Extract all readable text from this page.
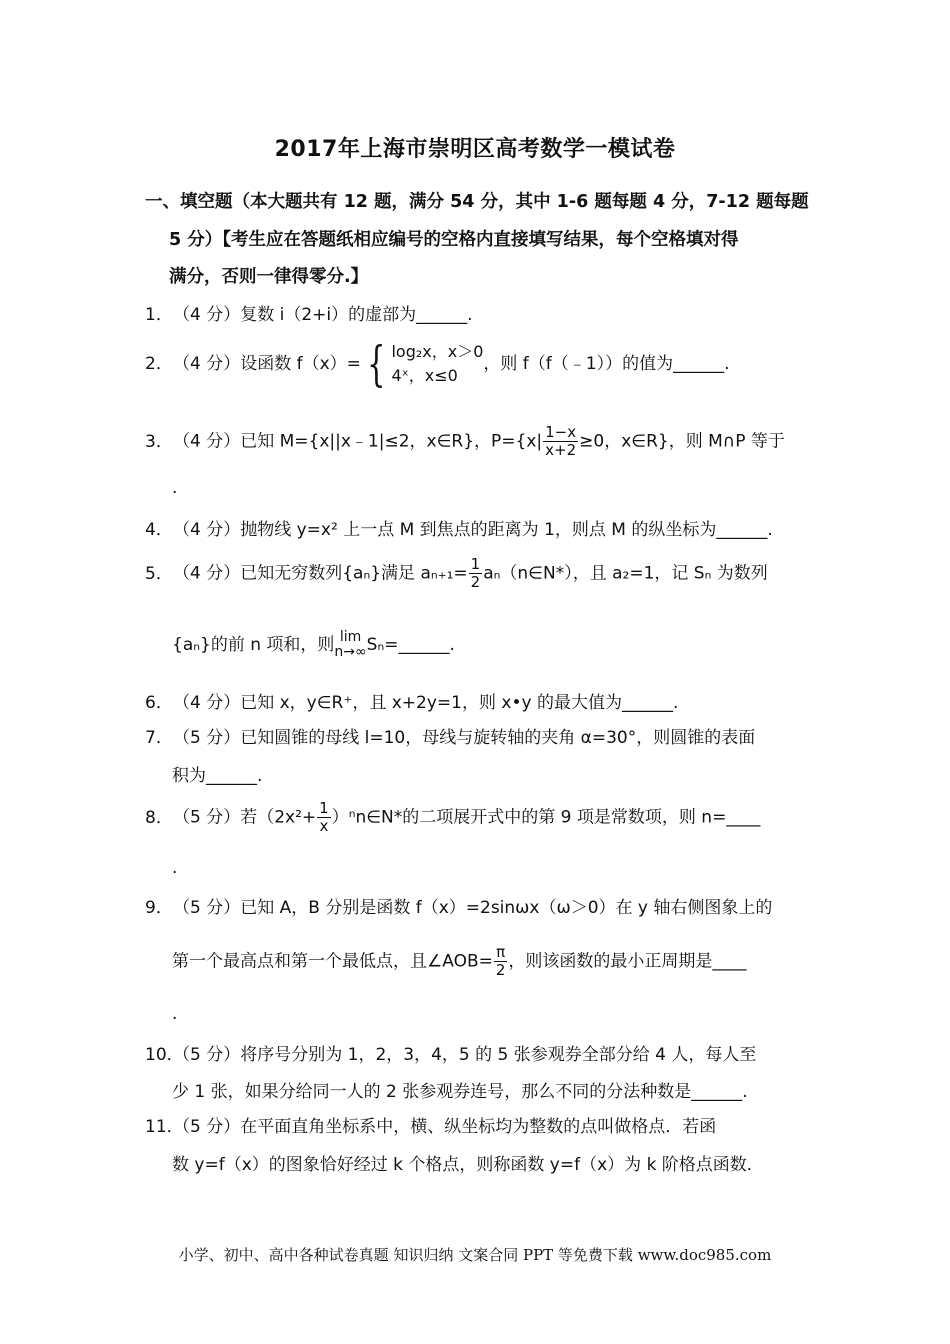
2017年上海市崇明区高考数学一模试卷
一、填空题（本大题共有 12 题，满分 54 分，其中 1-6 题每题 4 分，7-12 题每题
5 分）【考生应在答题纸相应编号的空格内直接填写结果，每个空格填对得
满分，否则一律得零分.】
1．（4 分）复数 i（2+i）的虚部为______.
2．（4 分）设函数 f（x）= { log₂x，x＞0
4ˣ，x≤0
，则 f（f（﹣1））的值为______.
3．（4 分）已知 M={x||x﹣1|≤2，x∈R}，$P=\{x| \frac{1-x}{x+2} \ge 0$，x∈R}，则 M∩P 等于
.
4．（4 分）抛物线 y=x² 上一点 M 到焦点的距离为 1，则点 M 的纵坐标为______.
5．（4 分）已知无穷数列{aₙ}满足 $a_{n+1}= \frac{1}{2}$ aₙ（n∈N*），且 a₂=1，记 Sₙ 为数列
{aₙ}的前 n 项和，则 lim
n→∞ Sₙ=______.
6．（4 分）已知 x，y∈R⁺，且 x+2y=1，则 x•y 的最大值为______.
7．（5 分）已知圆锥的母线 l=10，母线与旋转轴的夹角 α=30°，则圆锥的表面
积为______.
8．（5 分）若（$2x^2+ \frac{1}{x}$ ）ⁿn∈N*的二项展开式中的第 9 项是常数项，则 n=____
.
9．（5 分）已知 A，B 分别是函数 f（x）=2sinωx（ω＞0）在 y 轴右侧图象上的
第一个最高点和第一个最低点，且∠AOB= $\frac{\pi}{2}$ ，则该函数的最小正周期是____
.
10．（5 分）将序号分别为 1，2，3，4，5 的 5 张参观券全部分给 4 人，每人至
少 1 张，如果分给同一人的 2 张参观券连号，那么不同的分法种数是______.
11．（5 分）在平面直角坐标系中，横、纵坐标均为整数的点叫做格点．若函
数 y=f（x）的图象恰好经过 k 个格点，则称函数 y=f（x）为 k 阶格点函数．
小学、初中、高中各种试卷真题 知识归纳 文案合同 PPT 等免费下载 www.doc985.com
